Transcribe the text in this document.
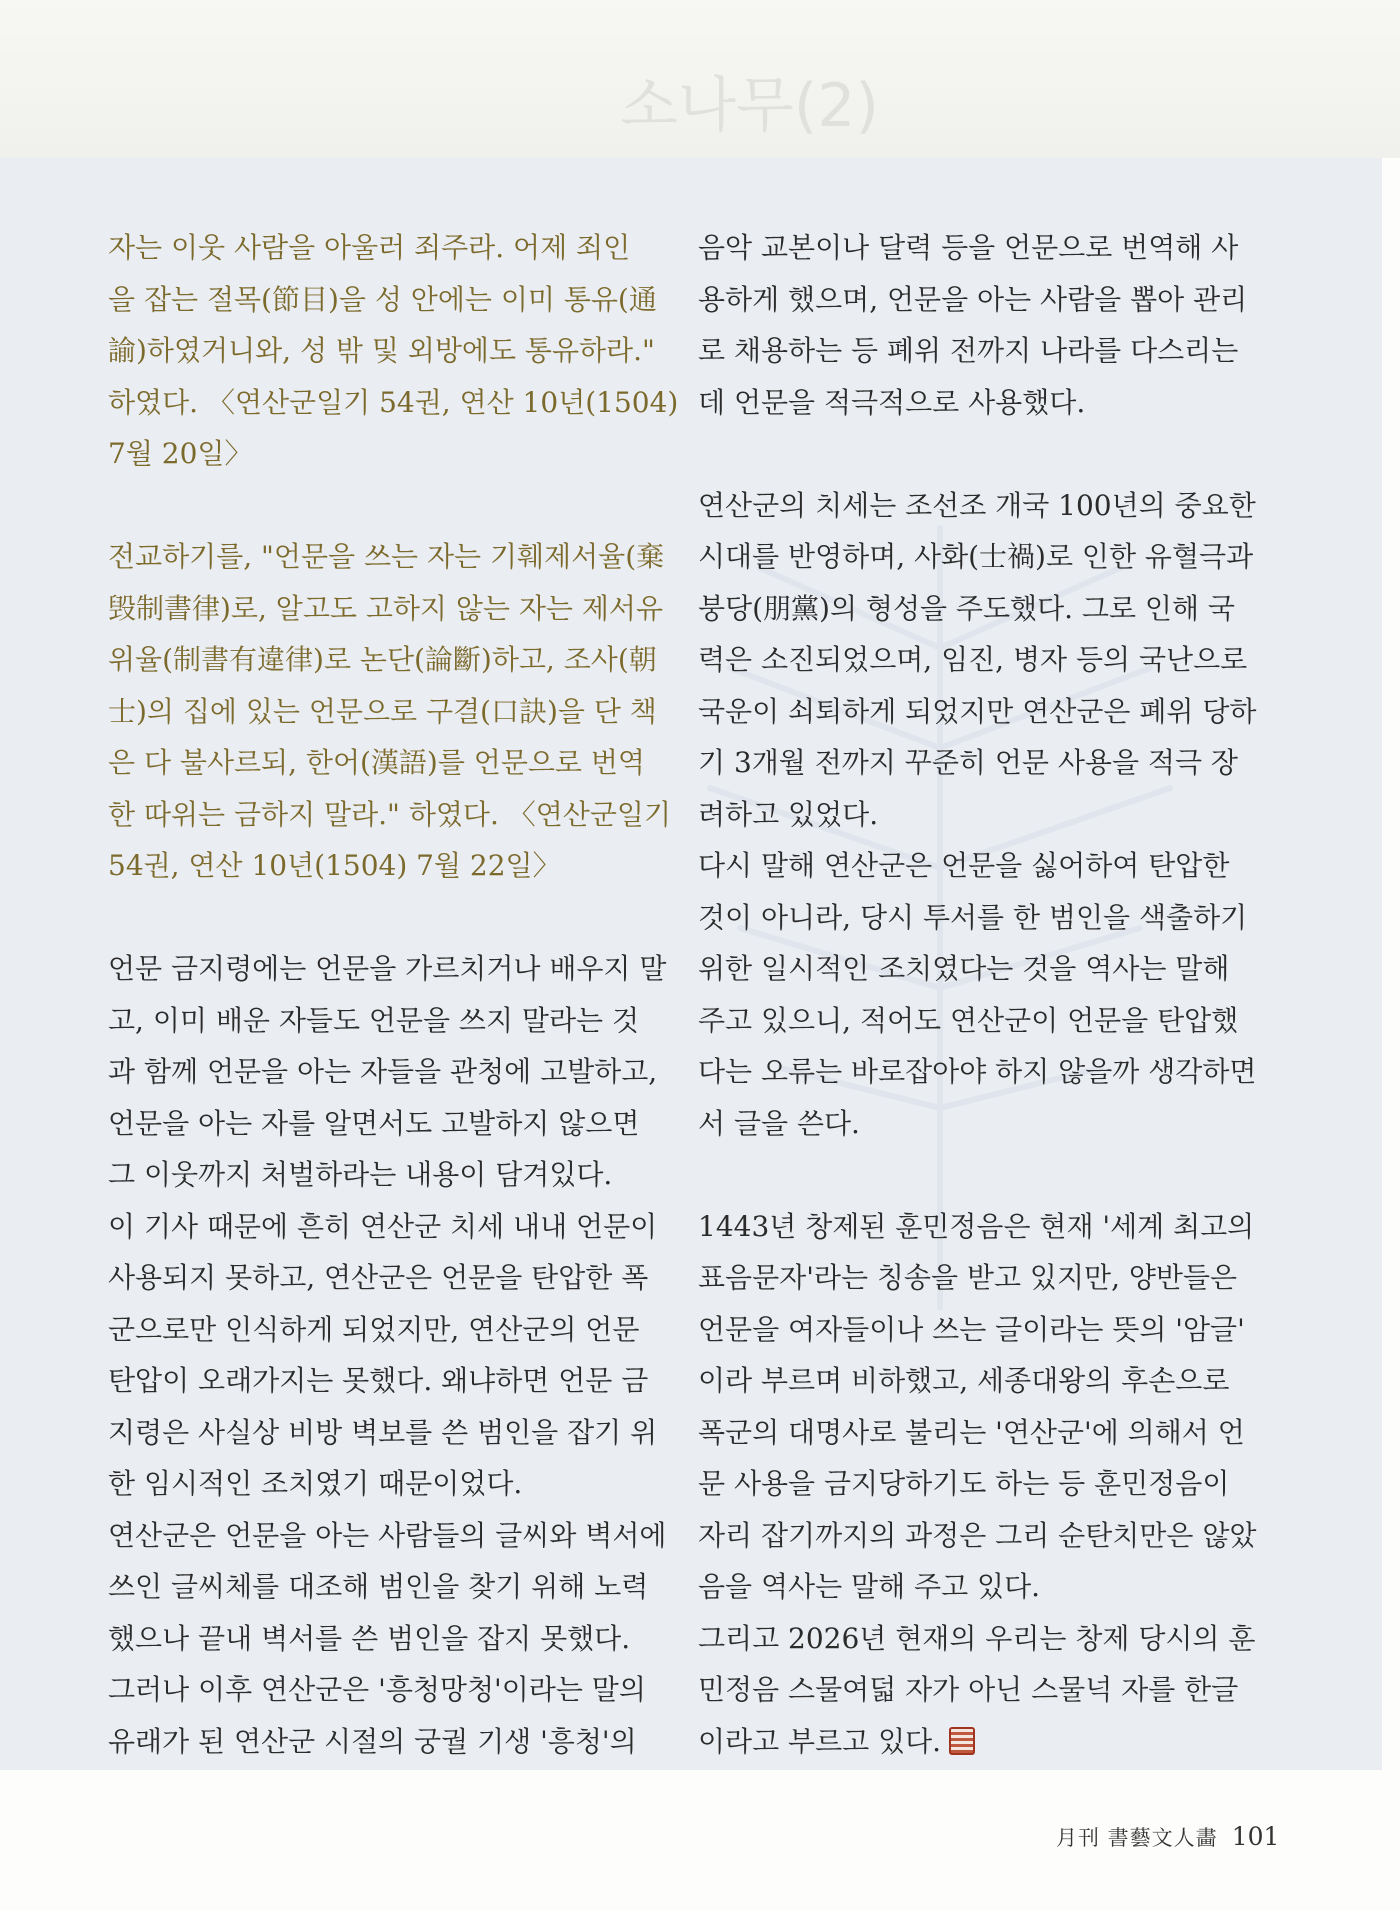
소나무(2)
자는 이웃 사람을 아울러 죄주라. 어제 죄인
을 잡는 절목(節目)을 성 안에는 이미 통유(通
諭)하였거니와, 성 밖 및 외방에도 통유하라."
하였다. 〈연산군일기 54권, 연산 10년(1504)
7월 20일〉
전교하기를, "언문을 쓰는 자는 기훼제서율(棄
毁制書律)로, 알고도 고하지 않는 자는 제서유
위율(制書有違律)로 논단(論斷)하고, 조사(朝
士)의 집에 있는 언문으로 구결(口訣)을 단 책
은 다 불사르되, 한어(漢語)를 언문으로 번역
한 따위는 금하지 말라." 하였다. 〈연산군일기
54권, 연산 10년(1504) 7월 22일〉
언문 금지령에는 언문을 가르치거나 배우지 말
고, 이미 배운 자들도 언문을 쓰지 말라는 것
과 함께 언문을 아는 자들을 관청에 고발하고,
언문을 아는 자를 알면서도 고발하지 않으면
그 이웃까지 처벌하라는 내용이 담겨있다.
이 기사 때문에 흔히 연산군 치세 내내 언문이
사용되지 못하고, 연산군은 언문을 탄압한 폭
군으로만 인식하게 되었지만, 연산군의 언문
탄압이 오래가지는 못했다. 왜냐하면 언문 금
지령은 사실상 비방 벽보를 쓴 범인을 잡기 위
한 임시적인 조치였기 때문이었다.
연산군은 언문을 아는 사람들의 글씨와 벽서에
쓰인 글씨체를 대조해 범인을 찾기 위해 노력
했으나 끝내 벽서를 쓴 범인을 잡지 못했다.
그러나 이후 연산군은 '흥청망청'이라는 말의
유래가 된 연산군 시절의 궁궐 기생 '흥청'의
음악 교본이나 달력 등을 언문으로 번역해 사
용하게 했으며, 언문을 아는 사람을 뽑아 관리
로 채용하는 등 폐위 전까지 나라를 다스리는
데 언문을 적극적으로 사용했다.
연산군의 치세는 조선조 개국 100년의 중요한
시대를 반영하며, 사화(士禍)로 인한 유혈극과
붕당(朋黨)의 형성을 주도했다. 그로 인해 국
력은 소진되었으며, 임진, 병자 등의 국난으로
국운이 쇠퇴하게 되었지만 연산군은 폐위 당하
기 3개월 전까지 꾸준히 언문 사용을 적극 장
려하고 있었다.
다시 말해 연산군은 언문을 싫어하여 탄압한
것이 아니라, 당시 투서를 한 범인을 색출하기
위한 일시적인 조치였다는 것을 역사는 말해
주고 있으니, 적어도 연산군이 언문을 탄압했
다는 오류는 바로잡아야 하지 않을까 생각하면
서 글을 쓴다.
1443년 창제된 훈민정음은 현재 '세계 최고의
표음문자'라는 칭송을 받고 있지만, 양반들은
언문을 여자들이나 쓰는 글이라는 뜻의 '암글'
이라 부르며 비하했고, 세종대왕의 후손으로
폭군의 대명사로 불리는 '연산군'에 의해서 언
문 사용을 금지당하기도 하는 등 훈민정음이
자리 잡기까지의 과정은 그리 순탄치만은 않았
음을 역사는 말해 주고 있다.
그리고 2026년 현재의 우리는 창제 당시의 훈
민정음 스물여덟 자가 아닌 스물넉 자를 한글
이라고 부르고 있다.
月刊 書藝文人畵 101
